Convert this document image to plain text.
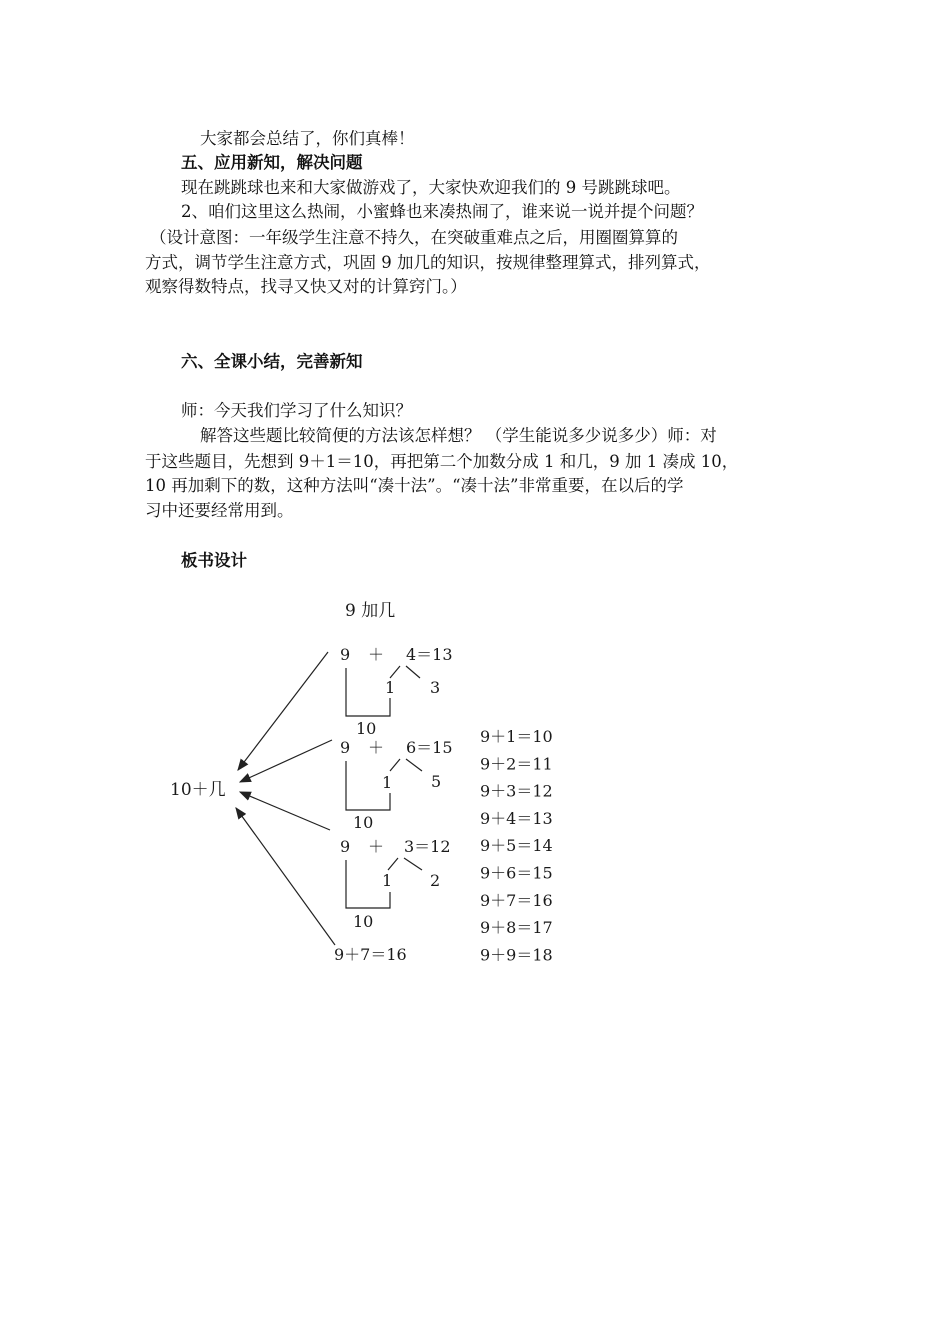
大家都会总结了，你们真棒！
五、应用新知，解决问题
现在跳跳球也来和大家做游戏了，大家快欢迎我们的 9 号跳跳球吧。
2、咱们这里这么热闹，小蜜蜂也来凑热闹了，谁来说一说并提个问题？
（设计意图：一年级学生注意不持久，在突破重难点之后，用圈圈算算的
方式，调节学生注意方式，巩固 9 加几的知识，按规律整理算式，排列算式，
观察得数特点，找寻又快又对的计算窍门。）
六、全课小结，完善新知
师：今天我们学习了什么知识？
解答这些题比较简便的方法该怎样想？ （学生能说多少说多少）师：对
于这些题目，先想到 9＋1＝10，再把第二个加数分成 1 和几，9 加 1 凑成 10，
10 再加剩下的数，这种方法叫“凑十法”。“凑十法”非常重要，在以后的学
习中还要经常用到。
板书设计
9 加几
10＋几
9 ＋ 4＝13
1 3
10
9 ＋ 6＝15
1 5
10
9 ＋ 3＝12
1 2
10
9＋7＝16
9＋1＝10
9＋2＝11
9＋3＝12
9＋4＝13
9＋5＝14
9＋6＝15
9＋7＝16
9＋8＝17
9＋9＝18
